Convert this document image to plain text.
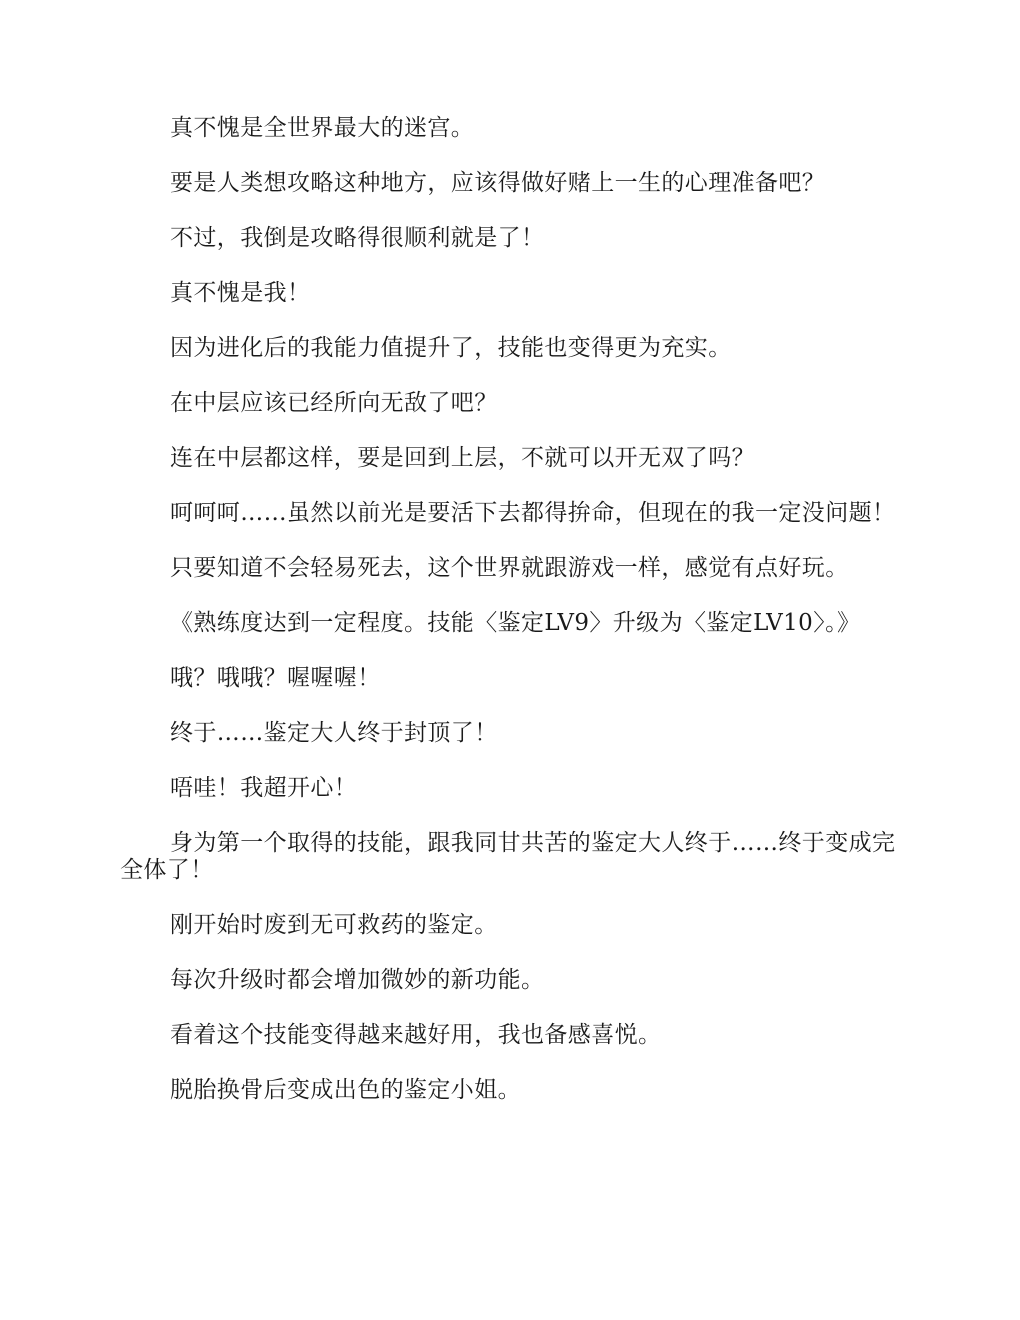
真不愧是全世界最大的迷宫。

要是人类想攻略这种地方，应该得做好赌上一生的心理准备吧？

不过，我倒是攻略得很顺利就是了！

真不愧是我！

因为进化后的我能力值提升了，技能也变得更为充实。

在中层应该已经所向无敌了吧？

连在中层都这样，要是回到上层，不就可以开无双了吗？

呵呵呵……虽然以前光是要活下去都得拚命，但现在的我一定没问题！

只要知道不会轻易死去，这个世界就跟游戏一样，感觉有点好玩。

《熟练度达到一定程度。技能〈鉴定LV9〉升级为〈鉴定LV10〉。》

哦？哦哦？喔喔喔！

终于……鉴定大人终于封顶了！

唔哇！我超开心！

身为第一个取得的技能，跟我同甘共苦的鉴定大人终于……终于变成完全体了！

刚开始时废到无可救药的鉴定。

每次升级时都会增加微妙的新功能。

看着这个技能变得越来越好用，我也备感喜悦。

脱胎换骨后变成出色的鉴定小姐。
